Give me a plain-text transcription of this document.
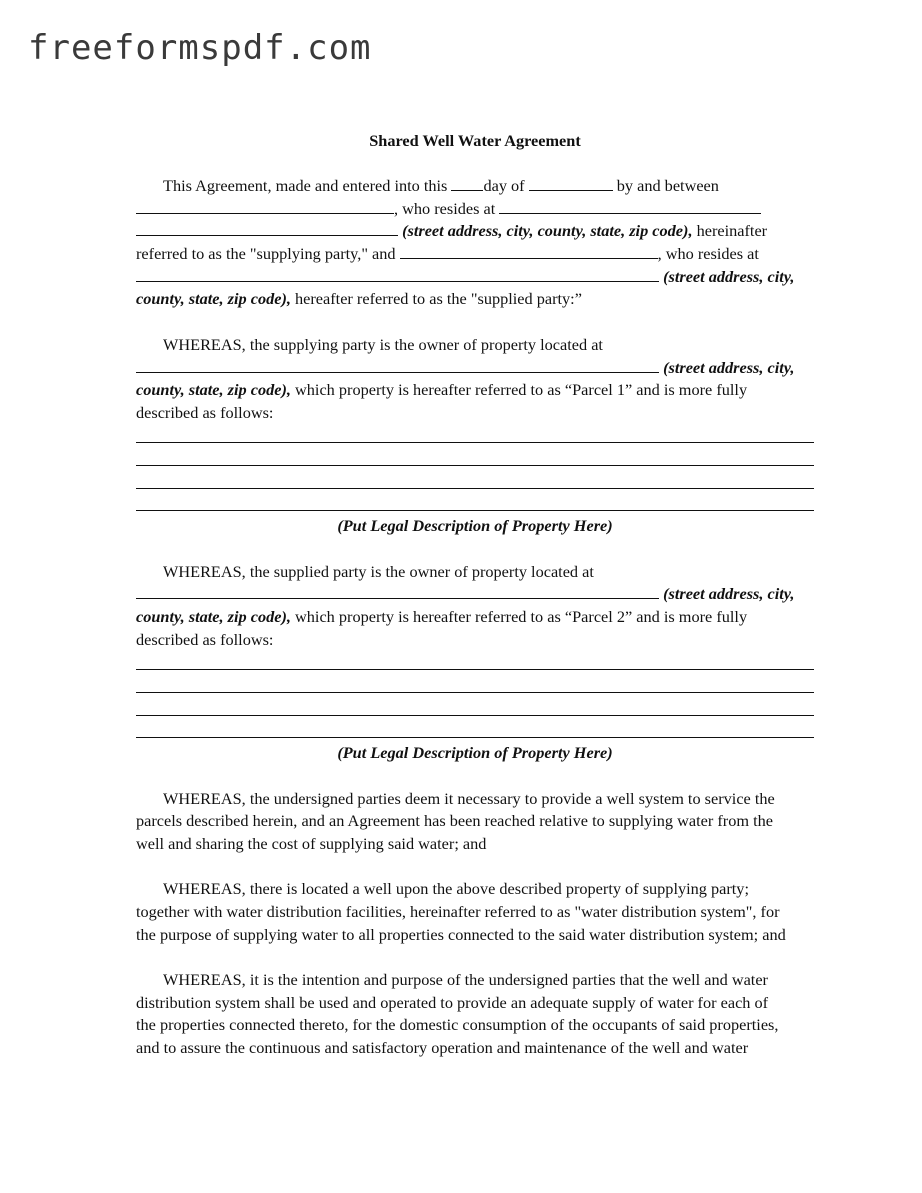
freeformspdf.com
Shared Well Water Agreement
This Agreement, made and entered into this day of	by and between
, who resides at
(street address, city, county, state, zip code), hereinafter
referred to as the "supplying party," and	, who resides at
(street address, city,
county, state, zip code), hereafter referred to as the "supplied party:”
WHEREAS, the supplying party is the owner of property located at
(street address, city,
county, state, zip code), which property is hereafter referred to as “Parcel 1” and is more fully
described as follows:
(Put Legal Description of Property Here)
WHEREAS, the supplied party is the owner of property located at
(street address, city,
county, state, zip code), which property is hereafter referred to as “Parcel 2” and is more fully
described as follows:
(Put Legal Description of Property Here)
WHEREAS, the undersigned parties deem it necessary to provide a well system to service the
parcels described herein, and an Agreement has been reached relative to supplying water from the
well and sharing the cost of supplying said water; and
WHEREAS, there is located a well upon the above described property of supplying party;
together with water distribution facilities, hereinafter referred to as "water distribution system", for
the purpose of supplying water to all properties connected to the said water distribution system; and
WHEREAS, it is the intention and purpose of the undersigned parties that the well and water
distribution system shall be used and operated to provide an adequate supply of water for each of
the properties connected thereto, for the domestic consumption of the occupants of said properties,
and to assure the continuous and satisfactory operation and maintenance of the well and water
